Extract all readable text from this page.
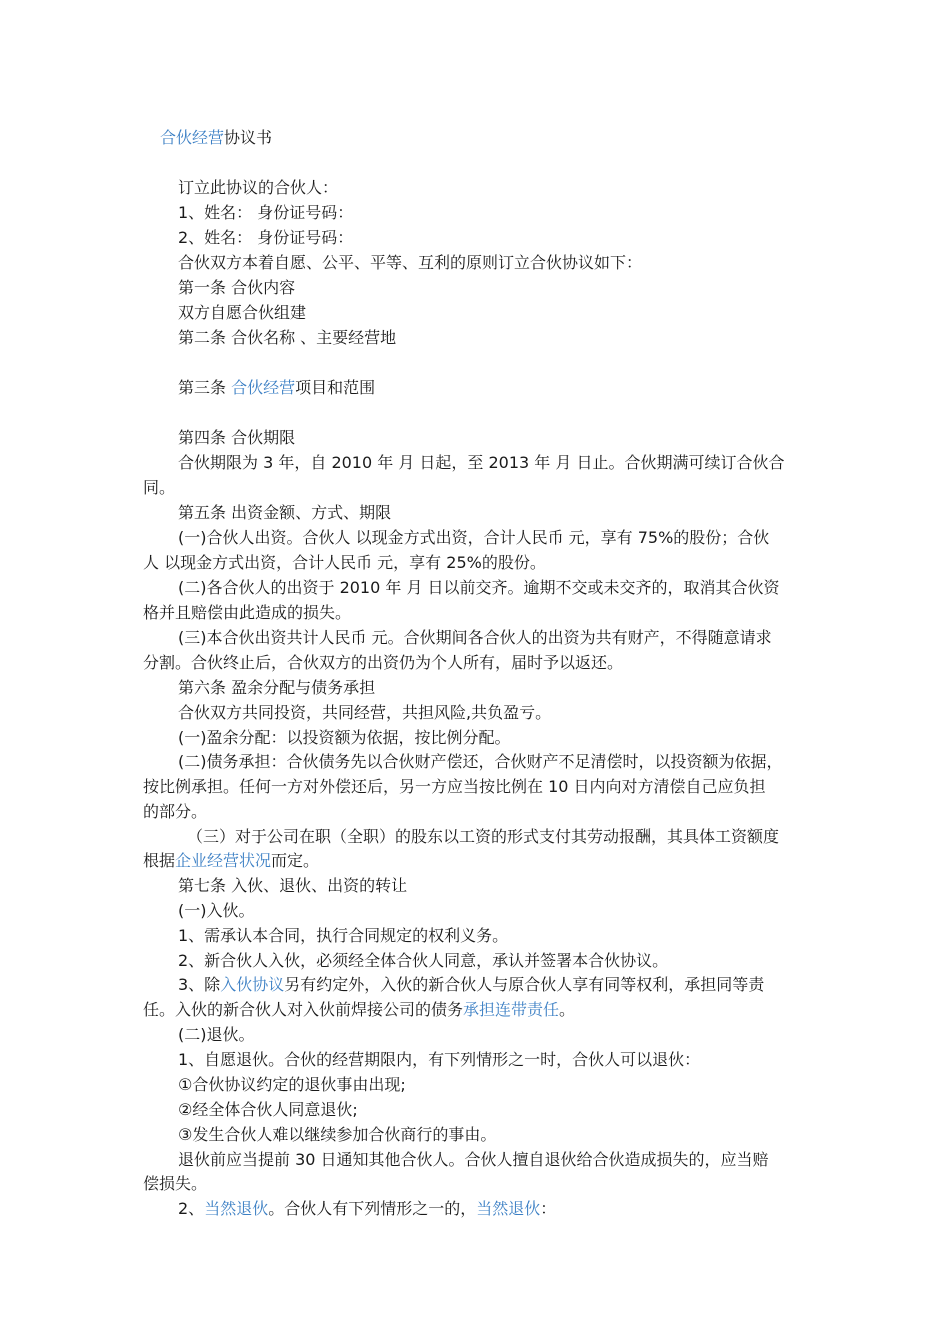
合伙经营协议书
订立此协议的合伙人：
1、姓名： 身份证号码：
2、姓名： 身份证号码：
合伙双方本着自愿、公平、平等、互利的原则订立合伙协议如下：
第一条 合伙内容
双方自愿合伙组建
第二条 合伙名称 、主要经营地
第三条 合伙经营项目和范围
第四条 合伙期限
合伙期限为 3 年，自 2010 年 月 日起，至 2013 年 月 日止。合伙期满可续订合伙合
同。
第五条 出资金额、方式、期限
(一)合伙人出资。合伙人 以现金方式出资，合计人民币 元，享有 75%的股份；合伙
人 以现金方式出资，合计人民币 元，享有 25%的股份。
(二)各合伙人的出资于 2010 年 月 日以前交齐。逾期不交或未交齐的，取消其合伙资
格并且赔偿由此造成的损失。
(三)本合伙出资共计人民币 元。合伙期间各合伙人的出资为共有财产，不得随意请求
分割。合伙终止后，合伙双方的出资仍为个人所有，届时予以返还。
第六条 盈余分配与债务承担
合伙双方共同投资，共同经营，共担风险,共负盈亏。
(一)盈余分配：以投资额为依据，按比例分配。
(二)债务承担：合伙债务先以合伙财产偿还，合伙财产不足清偿时，以投资额为依据，
按比例承担。任何一方对外偿还后，另一方应当按比例在 10 日内向对方清偿自己应负担
的部分。
（三）对于公司在职（全职）的股东以工资的形式支付其劳动报酬，其具体工资额度
根据企业经营状况而定。
第七条 入伙、退伙、出资的转让
(一)入伙。
1、需承认本合同，执行合同规定的权利义务。
2、新合伙人入伙，必须经全体合伙人同意，承认并签署本合伙协议。
3、除入伙协议另有约定外，入伙的新合伙人与原合伙人享有同等权利，承担同等责
任。入伙的新合伙人对入伙前焊接公司的债务承担连带责任。
(二)退伙。
1、自愿退伙。合伙的经营期限内，有下列情形之一时，合伙人可以退伙：
①合伙协议约定的退伙事由出现;
②经全体合伙人同意退伙;
③发生合伙人难以继续参加合伙商行的事由。
退伙前应当提前 30 日通知其他合伙人。合伙人擅自退伙给合伙造成损失的，应当赔
偿损失。
2、当然退伙。合伙人有下列情形之一的，当然退伙：
